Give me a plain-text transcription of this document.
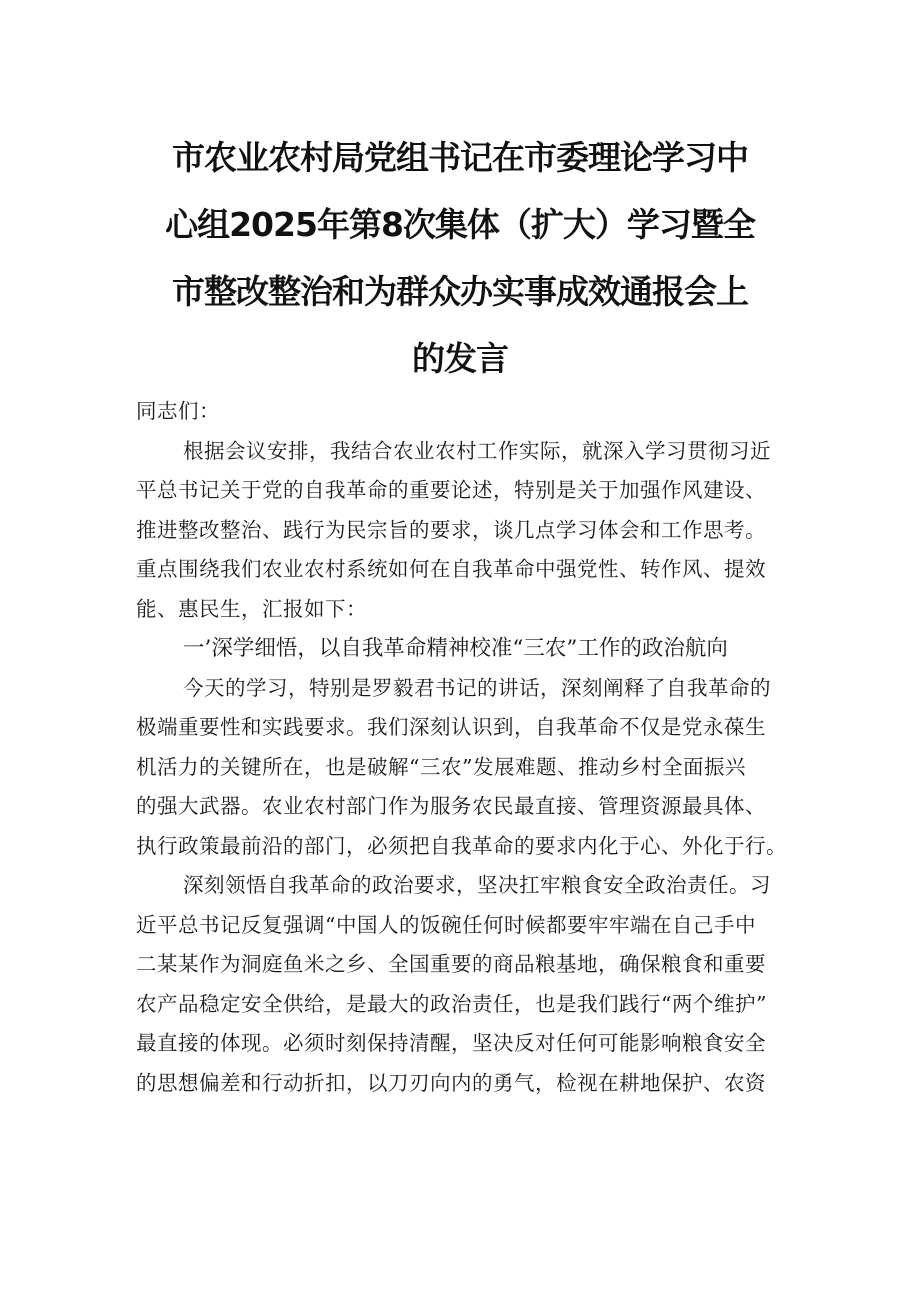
市农业农村局党组书记在市委理论学习中
心组2025年第8次集体（扩大）学习暨全
市整改整治和为群众办实事成效通报会上
的发言
同志们：
根据会议安排，我结合农业农村工作实际，就深入学习贯彻习近
平总书记关于党的自我革命的重要论述，特别是关于加强作风建设、
推进整改整治、践行为民宗旨的要求，谈几点学习体会和工作思考。
重点围绕我们农业农村系统如何在自我革命中强党性、转作风、提效
能、惠民生，汇报如下：
一’深学细悟，以自我革命精神校准“三农”工作的政治航向
今天的学习，特别是罗毅君书记的讲话，深刻阐释了自我革命的
极端重要性和实践要求。我们深刻认识到，自我革命不仅是党永葆生
机活力的关键所在，也是破解“三农”发展难题、推动乡村全面振兴
的强大武器。农业农村部门作为服务农民最直接、管理资源最具体、
执行政策最前沿的部门，必须把自我革命的要求内化于心、外化于行。
深刻领悟自我革命的政治要求，坚决扛牢粮食安全政治责任。习
近平总书记反复强调“中国人的饭碗任何时候都要牢牢端在自己手中
二某某作为洞庭鱼米之乡、全国重要的商品粮基地，确保粮食和重要
农产品稳定安全供给，是最大的政治责任，也是我们践行“两个维护”
最直接的体现。必须时刻保持清醒，坚决反对任何可能影响粮食安全
的思想偏差和行动折扣，以刀刃向内的勇气，检视在耕地保护、农资
